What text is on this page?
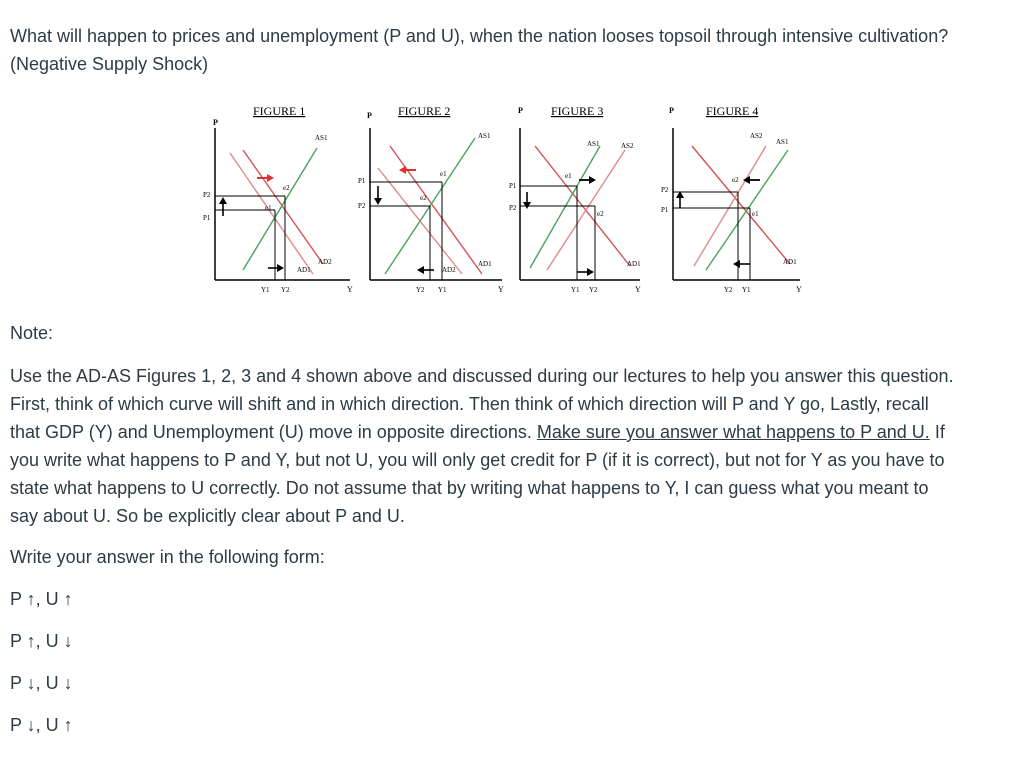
What will happen to prices and unemployment (P and U), when the nation looses topsoil through intensive cultivation?
(Negative Supply Shock)
FIGURE 1
P
Y
P2
P1
Y1 Y2
AS1
AD2
AD1
e2
e1
FIGURE 2
P
Y
P1
P2
Y2 Y1
AS1
AD1
AD2
e1
e2
FIGURE 3
P
Y
P1
P2
Y1 Y2
AS1	AS2
AD1
e1
e2
FIGURE 4
P
Y
P2
P1
Y2 Y1
AS2
AS1
AD1
e2
e1
Note:
Use the AD-AS Figures 1, 2, 3 and 4 shown above and discussed during our lectures to help you answer this question.
First, think of which curve will shift and in which direction. Then think of which direction will P and Y go, Lastly, recall
that GDP (Y) and Unemployment (U) move in opposite directions. Make sure you answer what happens to P and U. If
you write what happens to P and Y, but not U, you will only get credit for P (if it is correct), but not for Y as you have to
state what happens to U correctly. Do not assume that by writing what happens to Y, I can guess what you meant to
say about U. So be explicitly clear about P and U.
Write your answer in the following form:
P ↑, U ↑
P ↑, U ↓
P ↓, U ↓
P ↓, U ↑
